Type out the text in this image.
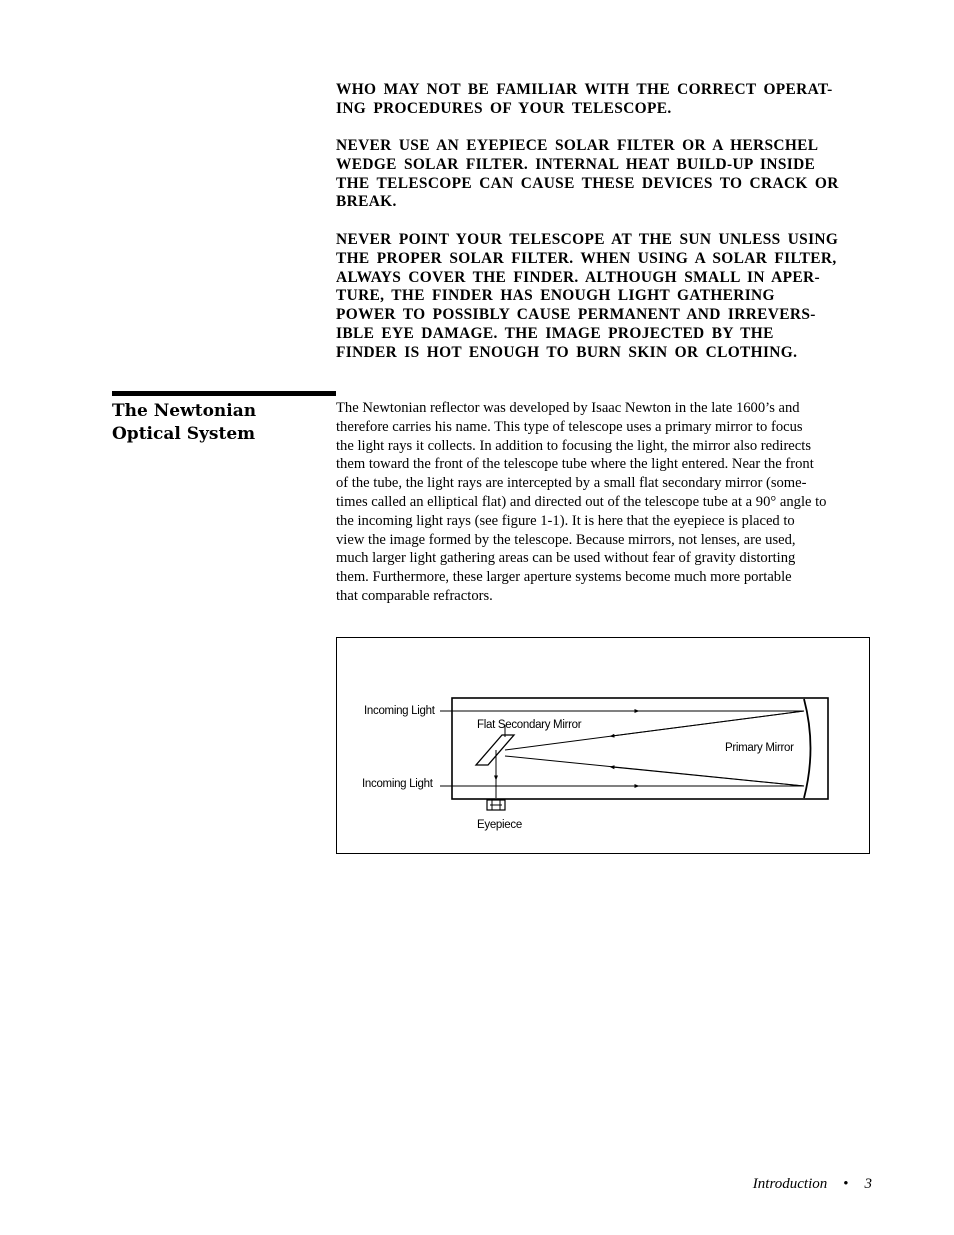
WHO MAY NOT BE FAMILIAR WITH THE CORRECT OPERAT-
ING PROCEDURES OF YOUR TELESCOPE.

NEVER USE AN EYEPIECE SOLAR FILTER OR A HERSCHEL
WEDGE SOLAR FILTER. INTERNAL HEAT BUILD-UP INSIDE
THE TELESCOPE CAN CAUSE THESE DEVICES TO CRACK OR
BREAK.

NEVER POINT YOUR TELESCOPE AT THE SUN UNLESS USING
THE PROPER SOLAR FILTER. WHEN USING A SOLAR FILTER,
ALWAYS COVER THE FINDER. ALTHOUGH SMALL IN APER-
TURE, THE FINDER HAS ENOUGH LIGHT GATHERING
POWER TO POSSIBLY CAUSE PERMANENT AND IRREVERS-
IBLE EYE DAMAGE. THE IMAGE PROJECTED BY THE
FINDER IS HOT ENOUGH TO BURN SKIN OR CLOTHING.

The Newtonian
Optical System

The Newtonian reflector was developed by Isaac Newton in the late 1600’s and
therefore carries his name. This type of telescope uses a primary mirror to focus
the light rays it collects. In addition to focusing the light, the mirror also redirects
them toward the front of the telescope tube where the light entered. Near the front
of the tube, the light rays are intercepted by a small flat secondary mirror (some-
times called an elliptical flat) and directed out of the telescope tube at a 90° angle to
the incoming light rays (see figure 1-1). It is here that the eyepiece is placed to
view the image formed by the telescope. Because mirrors, not lenses, are used,
much larger light gathering areas can be used without fear of gravity distorting
them. Furthermore, these larger aperture systems become much more portable
that comparable refractors.

Incoming Light
Flat Secondary Mirror
Primary Mirror
Incoming Light
Eyepiece
Introduction • 3
